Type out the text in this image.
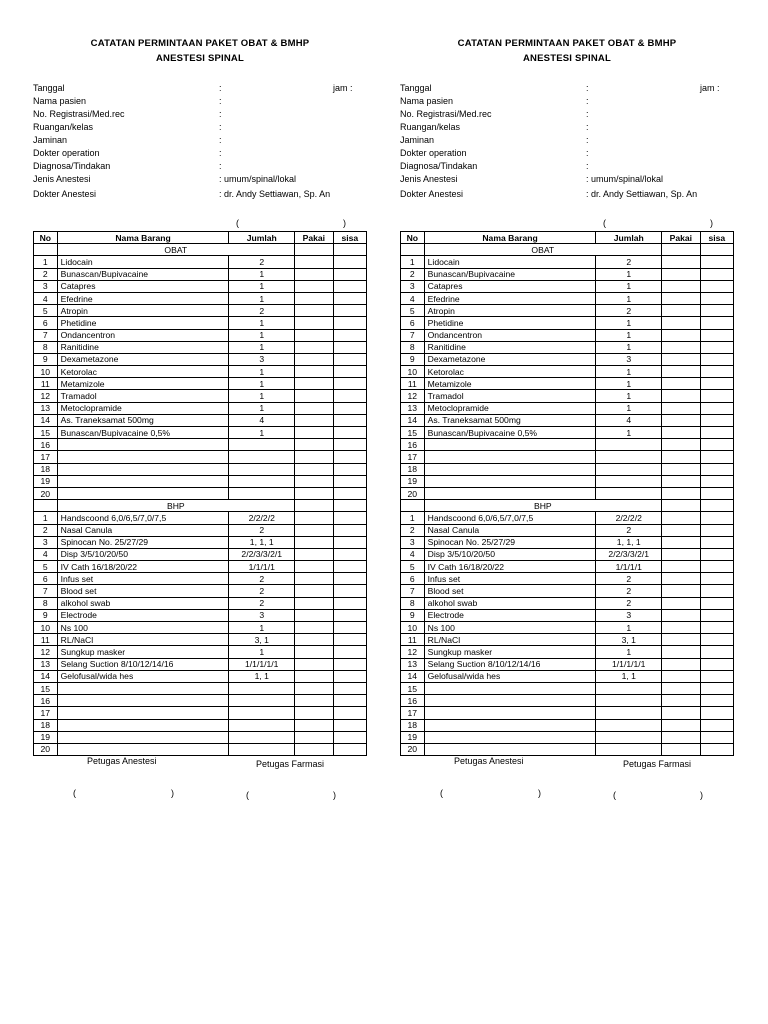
CATATAN PERMINTAAN PAKET OBAT & BMHP
ANESTESI SPINAL
Tanggal	:	jam :
Nama pasien	:
No. Registrasi/Med.rec	:
Ruangan/kelas	:
Jaminan	:
Dokter operation	:
Diagnosa/Tindakan	:
Jenis Anestesi	: umum/spinal/lokal
Dokter Anestesi	: dr. Andy Settiawan, Sp. An
(	)
No	Nama Barang	Jumlah	Pakai	sisa
	OBAT			
1	Lidocain	2		
2	Bunascan/Bupivacaine	1		
3	Catapres	1		
4	Efedrine	1		
5	Atropin	2		
6	Phetidine	1		
7	Ondancentron	1		
8	Ranitidine	1		
9	Dexametazone	3		
10	Ketorolac	1		
11	Metamizole	1		
12	Tramadol	1		
13	Metoclopramide	1		
14	As. Traneksamat 500mg	4		
15	Bunascan/Bupivacaine 0,5%	1		
16				
17				
18				
19				
20				
	BHP			
1	Handscoond 6,0/6,5/7,0/7,5	2/2/2/2		
2	Nasal Canula	2		
3	Spinocan No. 25/27/29	1, 1, 1		
4	Disp 3/5/10/20/50	2/2/3/3/2/1		
5	IV Cath 16/18/20/22	1/1/1/1		
6	Infus set	2		
7	Blood set	2		
8	alkohol swab	2		
9	Electrode	3		
10	Ns 100	1		
11	RL/NaCl	3, 1		
12	Sungkup masker	1		
13	Selang Suction 8/10/12/14/16	1/1/1/1/1		
14	Gelofusal/wida hes	1, 1		
15				
16				
17				
18				
19				
20				
Petugas Anestesi	Petugas Farmasi
(	)	(	)
CATATAN PERMINTAAN PAKET OBAT & BMHP
ANESTESI SPINAL
Tanggal	:	jam :
Nama pasien	:
No. Registrasi/Med.rec	:
Ruangan/kelas	:
Jaminan	:
Dokter operation	:
Diagnosa/Tindakan	:
Jenis Anestesi	: umum/spinal/lokal
Dokter Anestesi	: dr. Andy Settiawan, Sp. An
(	)
No	Nama Barang	Jumlah	Pakai	sisa
	OBAT			
1	Lidocain	2		
2	Bunascan/Bupivacaine	1		
3	Catapres	1		
4	Efedrine	1		
5	Atropin	2		
6	Phetidine	1		
7	Ondancentron	1		
8	Ranitidine	1		
9	Dexametazone	3		
10	Ketorolac	1		
11	Metamizole	1		
12	Tramadol	1		
13	Metoclopramide	1		
14	As. Traneksamat 500mg	4		
15	Bunascan/Bupivacaine 0,5%	1		
16				
17				
18				
19				
20				
	BHP			
1	Handscoond 6,0/6,5/7,0/7,5	2/2/2/2		
2	Nasal Canula	2		
3	Spinocan No. 25/27/29	1, 1, 1		
4	Disp 3/5/10/20/50	2/2/3/3/2/1		
5	IV Cath 16/18/20/22	1/1/1/1		
6	Infus set	2		
7	Blood set	2		
8	alkohol swab	2		
9	Electrode	3		
10	Ns 100	1		
11	RL/NaCl	3, 1		
12	Sungkup masker	1		
13	Selang Suction 8/10/12/14/16	1/1/1/1/1		
14	Gelofusal/wida hes	1, 1		
15				
16				
17				
18				
19				
20				
Petugas Anestesi	Petugas Farmasi
(	)	(	)
